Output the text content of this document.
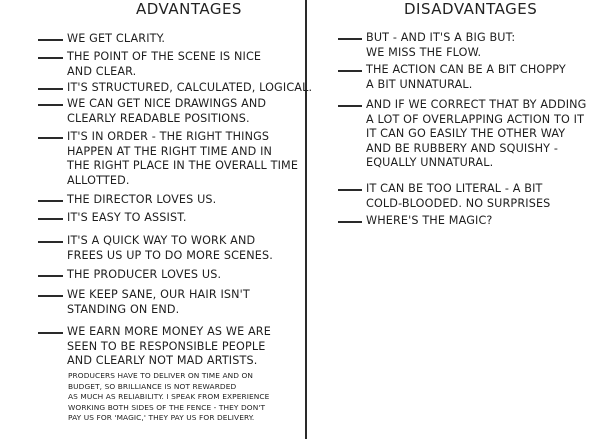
ADVANTAGES	DISADVANTAGES
WE GET CLARITY.
THE POINT OF THE SCENE IS NICE
AND CLEAR.
IT'S STRUCTURED, CALCULATED, LOGICAL.
WE CAN GET NICE DRAWINGS AND
CLEARLY READABLE POSITIONS.
IT'S IN ORDER - THE RIGHT THINGS
HAPPEN AT THE RIGHT TIME AND IN
THE RIGHT PLACE IN THE OVERALL TIME
ALLOTTED.
THE DIRECTOR LOVES US.
IT'S EASY TO ASSIST.
IT'S A QUICK WAY TO WORK AND
FREES US UP TO DO MORE SCENES.
THE PRODUCER LOVES US.
WE KEEP SANE, OUR HAIR ISN'T
STANDING ON END.
WE EARN MORE MONEY AS WE ARE
SEEN TO BE RESPONSIBLE PEOPLE
AND CLEARLY NOT MAD ARTISTS.
PRODUCERS HAVE TO DELIVER ON TIME AND ON
BUDGET, SO BRILLIANCE IS NOT REWARDED
AS MUCH AS RELIABILITY. I SPEAK FROM EXPERIENCE
WORKING BOTH SIDES OF THE FENCE - THEY DON'T
PAY US FOR 'MAGIC,' THEY PAY US FOR DELIVERY.
BUT - AND IT'S A BIG BUT:
WE MISS THE FLOW.
THE ACTION CAN BE A BIT CHOPPY
A BIT UNNATURAL.
AND IF WE CORRECT THAT BY ADDING
A LOT OF OVERLAPPING ACTION TO IT
IT CAN GO EASILY THE OTHER WAY
AND BE RUBBERY AND SQUISHY -
EQUALLY UNNATURAL.
IT CAN BE TOO LITERAL - A BIT
COLD-BLOODED. NO SURPRISES
WHERE'S THE MAGIC?
